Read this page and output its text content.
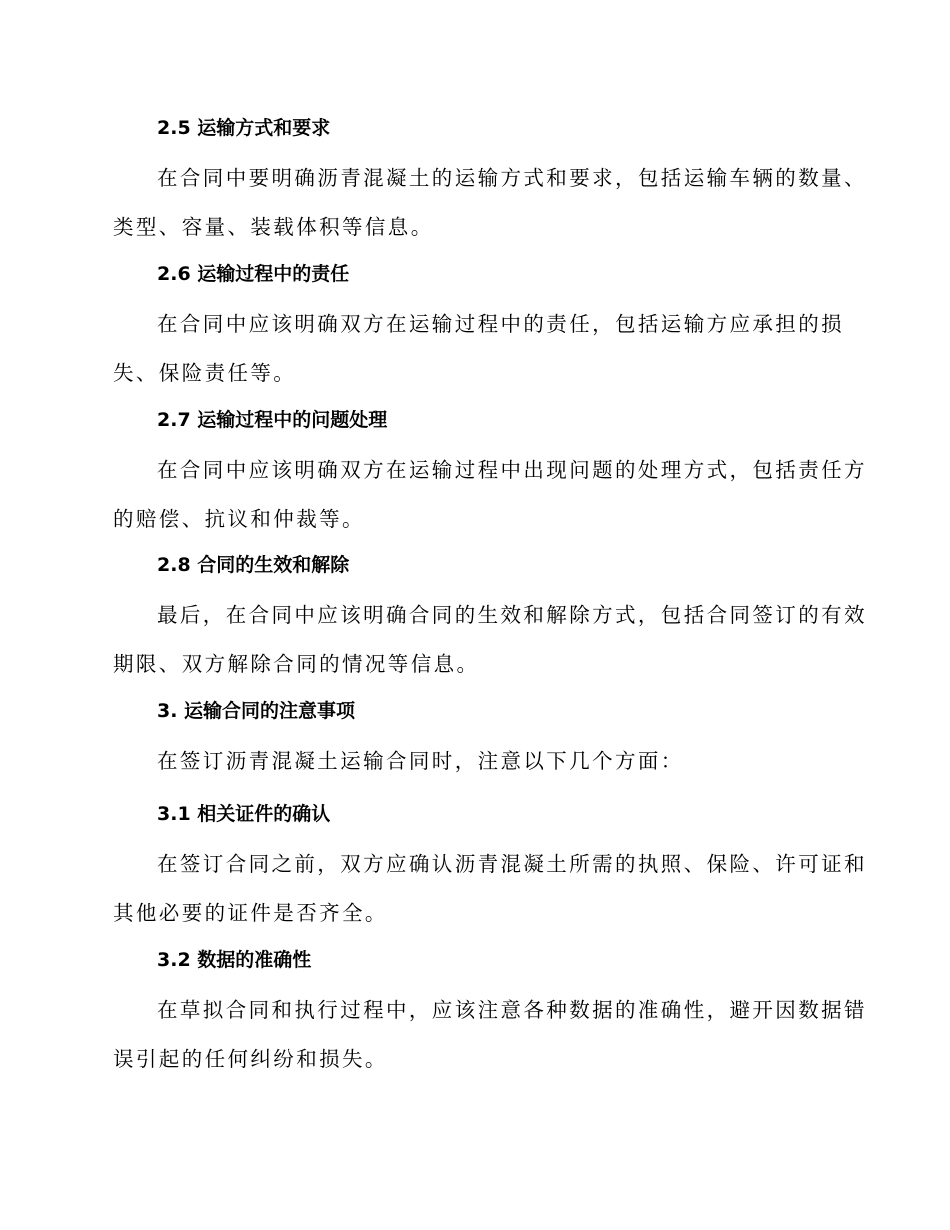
2.5 运输方式和要求
在合同中要明确沥青混凝土的运输方式和要求，包括运输车辆的数量、
类型、容量、装载体积等信息。
2.6 运输过程中的责任
在合同中应该明确双方在运输过程中的责任，包括运输方应承担的损
失、保险责任等。
2.7 运输过程中的问题处理
在合同中应该明确双方在运输过程中出现问题的处理方式，包括责任方
的赔偿、抗议和仲裁等。
2.8 合同的生效和解除
最后，在合同中应该明确合同的生效和解除方式，包括合同签订的有效
期限、双方解除合同的情况等信息。
3. 运输合同的注意事项
在签订沥青混凝土运输合同时，注意以下几个方面：
3.1 相关证件的确认
在签订合同之前，双方应确认沥青混凝土所需的执照、保险、许可证和
其他必要的证件是否齐全。
3.2 数据的准确性
在草拟合同和执行过程中，应该注意各种数据的准确性，避开因数据错
误引起的任何纠纷和损失。
